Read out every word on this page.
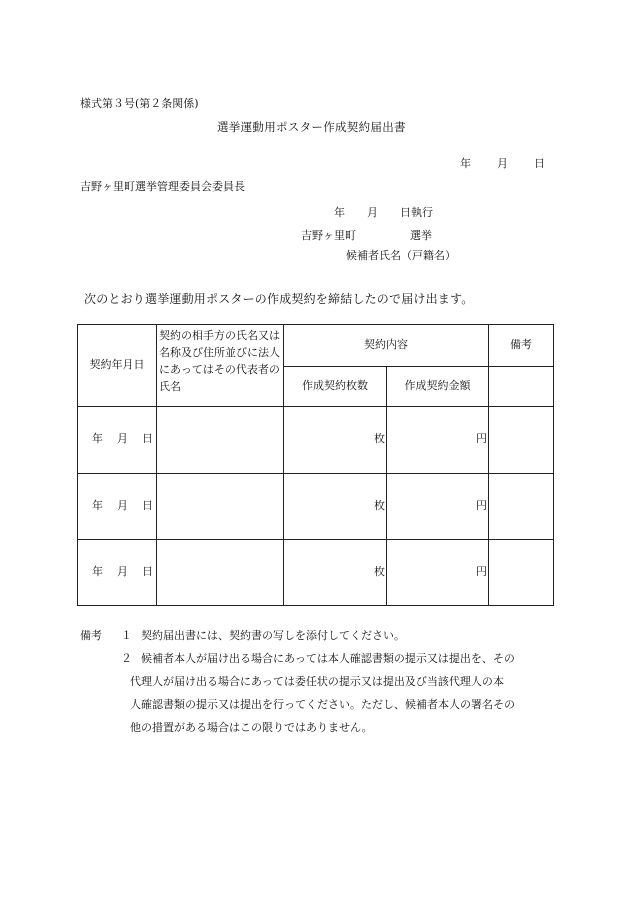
様式第３号(第２条関係)
選挙運動用ポスター作成契約届出書
年 月 日
吉野ヶ里町選挙管理委員会委員長
年　　月　　日執行
吉野ヶ里町	選挙
候補者氏名（戸籍名）
次のとおり選挙運動用ポスターの作成契約を締結したので届け出ます。
契約年月日	契約の相手方の氏名又は名称及び住所並びに法人にあってはその代表者の氏名	契約内容		備考
		作成契約枚数	作成契約金額	
年 月 日		枚	円	
年 月 日		枚	円	
年 月 日		枚	円	
備考 １ 契約届出書には、契約書の写しを添付してください。
２ 候補者本人が届け出る場合にあっては本人確認書類の提示又は提出を、その
代理人が届け出る場合にあっては委任状の提示又は提出及び当該代理人の本
人確認書類の提示又は提出を行ってください。ただし、候補者本人の署名その
他の措置がある場合はこの限りではありません。
